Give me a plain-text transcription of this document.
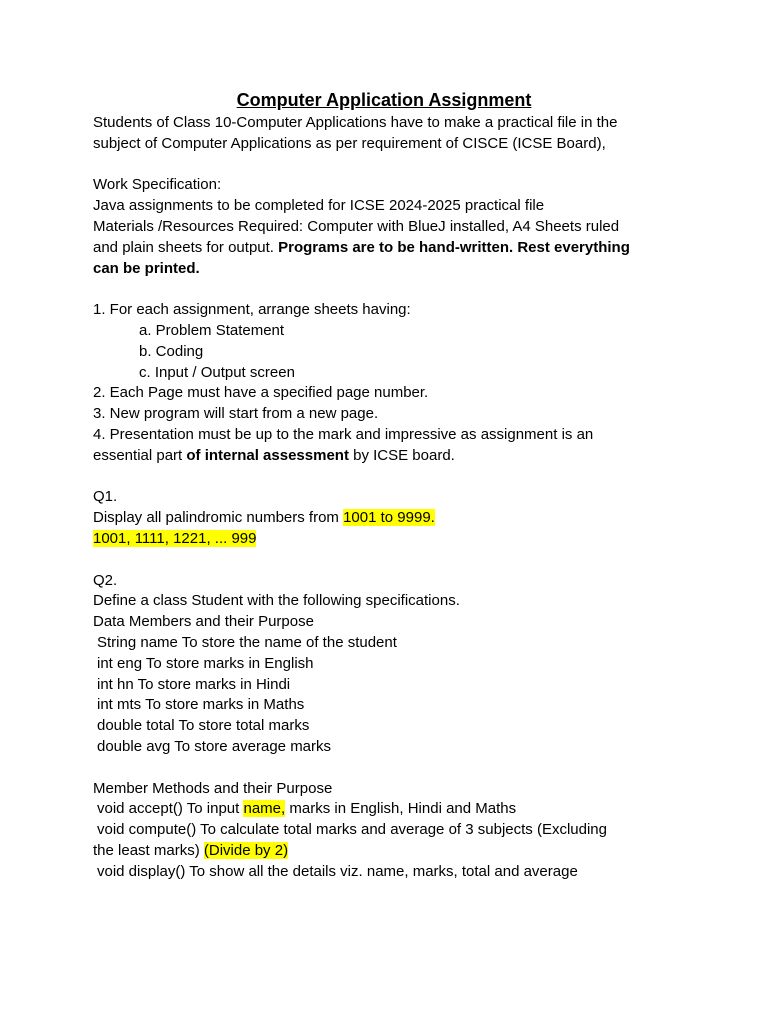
Computer Application Assignment
Students of Class 10-Computer Applications have to make a practical file in the
subject of Computer Applications as per requirement of CISCE (ICSE Board),
Work Specification:
Java assignments to be completed for ICSE 2024-2025 practical file
Materials /Resources Required: Computer with BlueJ installed, A4 Sheets ruled
and plain sheets for output. Programs are to be hand-written. Rest everything
can be printed.
1. For each assignment, arrange sheets having:
a. Problem Statement
b. Coding
c. Input / Output screen
2. Each Page must have a specified page number.
3. New program will start from a new page.
4. Presentation must be up to the mark and impressive as assignment is an
essential part of internal assessment by ICSE board.
Q1.
Display all palindromic numbers from 1001 to 9999.
1001, 1111, 1221, ... 999
Q2.
Define a class Student with the following specifications.
Data Members and their Purpose
String name To store the name of the student
int eng To store marks in English
int hn To store marks in Hindi
int mts To store marks in Maths
double total To store total marks
double avg To store average marks
Member Methods and their Purpose
void accept() To input name, marks in English, Hindi and Maths
void compute() To calculate total marks and average of 3 subjects (Excluding
the least marks) (Divide by 2)
void display() To show all the details viz. name, marks, total and average
